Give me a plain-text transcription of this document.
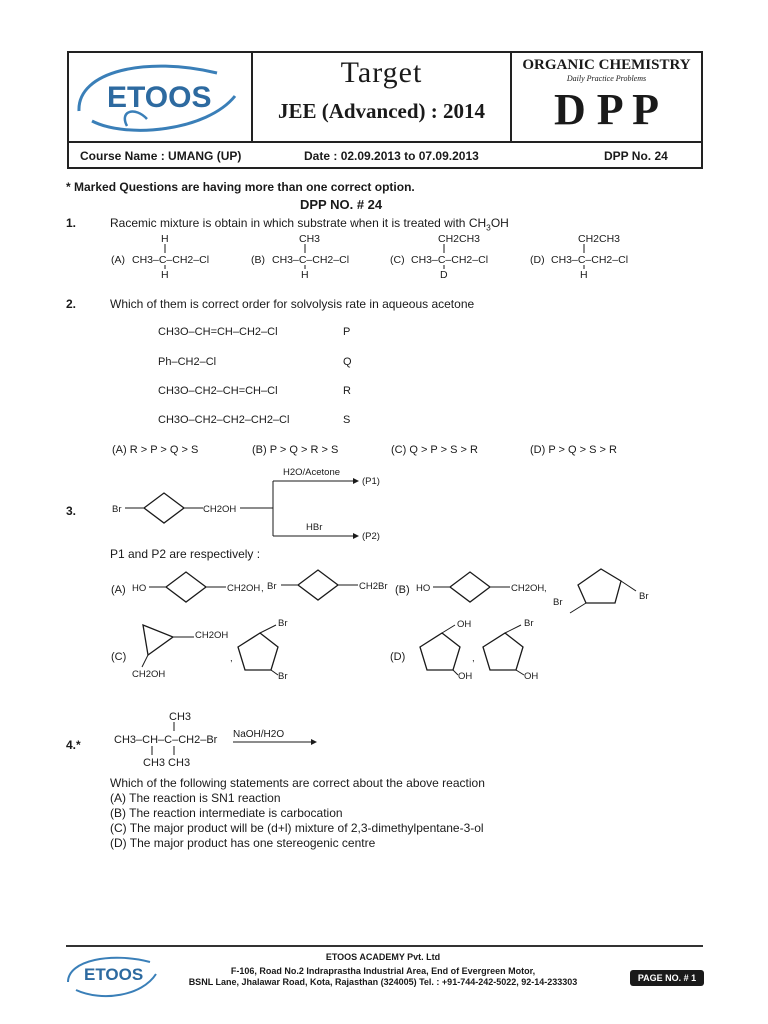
ETOOS
Target
JEE (Advanced) : 2014
ORGANIC CHEMISTRY
Daily Practice Problems
D P P
Course Name : UMANG (UP)	Date : 02.09.2013 to 07.09.2013	DPP No. 24
* Marked Questions are having more than one correct option.
DPP NO. # 24
1.	Racemic mixture is obtain in which substrate when it is treated with $CH_3OH$
(A)
H
CH3–C–CH2–Cl
H
(B)
CH3
CH3–C–CH2–Cl
H
(C)
CH2CH3
CH3–C–CH2–Cl
D
(D)
CH2CH3
CH3–C–CH2–Cl
H
2.	Which of them is correct order for solvolysis rate in aqueous acetone
CH3O–CH=CH–CH2–Cl	P
Ph–CH2–Cl	Q
CH3O–CH2–CH=CH–Cl	R
CH3O–CH2–CH2–CH2–Cl	S
(A) R > P > Q > S	(B) P > Q > R > S	(C) Q > P > S > R	(D) P > Q > S > R
3.	Br	CH2OH
H2O/Acetone
(P1)
HBr
(P2)
P1 and P2 are respectively :
(A) HO	CH2OH , Br	CH2Br (B) HO	CH2OH ,
Br
Br
(C)
CH2OH
CH2OH
,
Br
Br
(D)
OH
OH
,
Br
OH
4.*
CH3
CH3–CH–C–CH2–Br
CH3 CH3
NaOH/H2O
Which of the following statements are correct about the above reaction
(A) The reaction is SN1 reaction
(B) The reaction intermediate is carbocation
(C) The major product will be (d+l) mixture of 2,3-dimethylpentane-3-ol
(D) The major product has one stereogenic centre
ETOOS
ETOOS ACADEMY Pvt. Ltd
F-106, Road No.2 Indraprastha Industrial Area, End of Evergreen Motor,
BSNL Lane, Jhalawar Road, Kota, Rajasthan (324005) Tel. : +91-744-242-5022, 92-14-233303	PAGE NO. # 1
